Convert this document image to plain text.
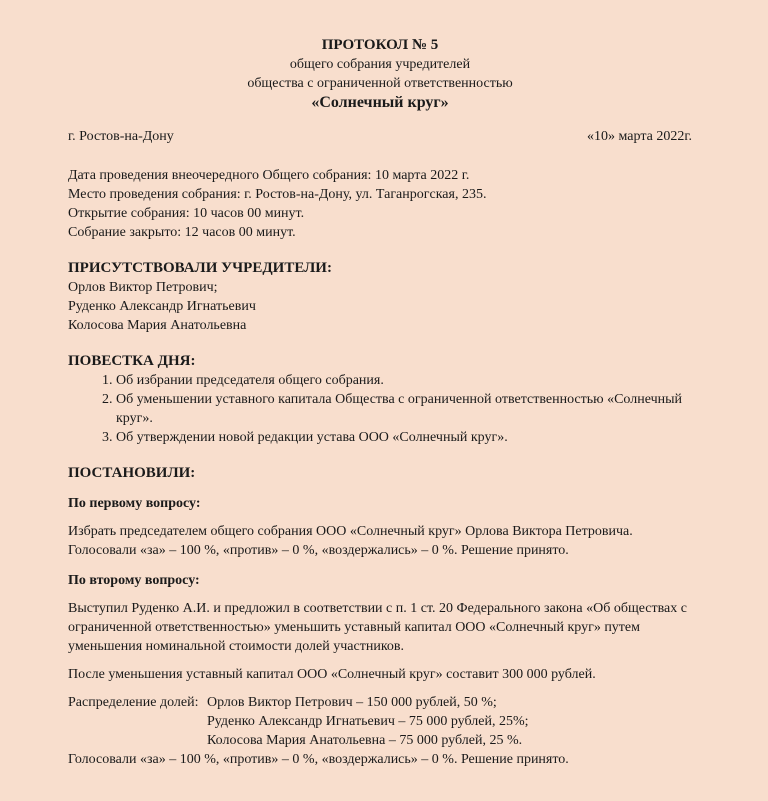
ПРОТОКОЛ № 5
общего собрания учредителей
общества с ограниченной ответственностью
«Солнечный круг»
г. Ростов-на-Дону	«10» марта 2022г.
Дата проведения внеочередного Общего собрания: 10 марта 2022 г.
Место проведения собрания: г. Ростов-на-Дону, ул. Таганрогская, 235.
Открытие собрания: 10 часов 00 минут.
Собрание закрыто: 12 часов 00 минут.
ПРИСУТСТВОВАЛИ УЧРЕДИТЕЛИ:
Орлов Виктор Петрович;
Руденко Александр Игнатьевич
Колосова Мария Анатольевна
ПОВЕСТКА ДНЯ:
1. Об избрании председателя общего собрания.
2. Об уменьшении уставного капитала Общества с ограниченной ответственностью «Солнечный круг».
3. Об утверждении новой редакции устава ООО «Солнечный круг».
ПОСТАНОВИЛИ:
По первому вопросу:
Избрать председателем общего собрания ООО «Солнечный круг» Орлова Виктора Петровича.
Голосовали «за» – 100 %, «против» – 0 %, «воздержались» – 0 %. Решение принято.
По второму вопросу:
Выступил Руденко А.И. и предложил в соответствии с п. 1 ст. 20 Федерального закона «Об обществах с ограниченной ответственностью» уменьшить уставный капитал ООО «Солнечный круг» путем уменьшения номинальной стоимости долей участников.
После уменьшения уставный капитал ООО «Солнечный круг» составит 300 000 рублей.
Распределение долей: Орлов Виктор Петрович – 150 000 рублей, 50 %;
Руденко Александр Игнатьевич – 75 000 рублей, 25%;
Колосова Мария Анатольевна – 75 000 рублей, 25 %.
Голосовали «за» – 100 %, «против» – 0 %, «воздержались» – 0 %. Решение принято.
